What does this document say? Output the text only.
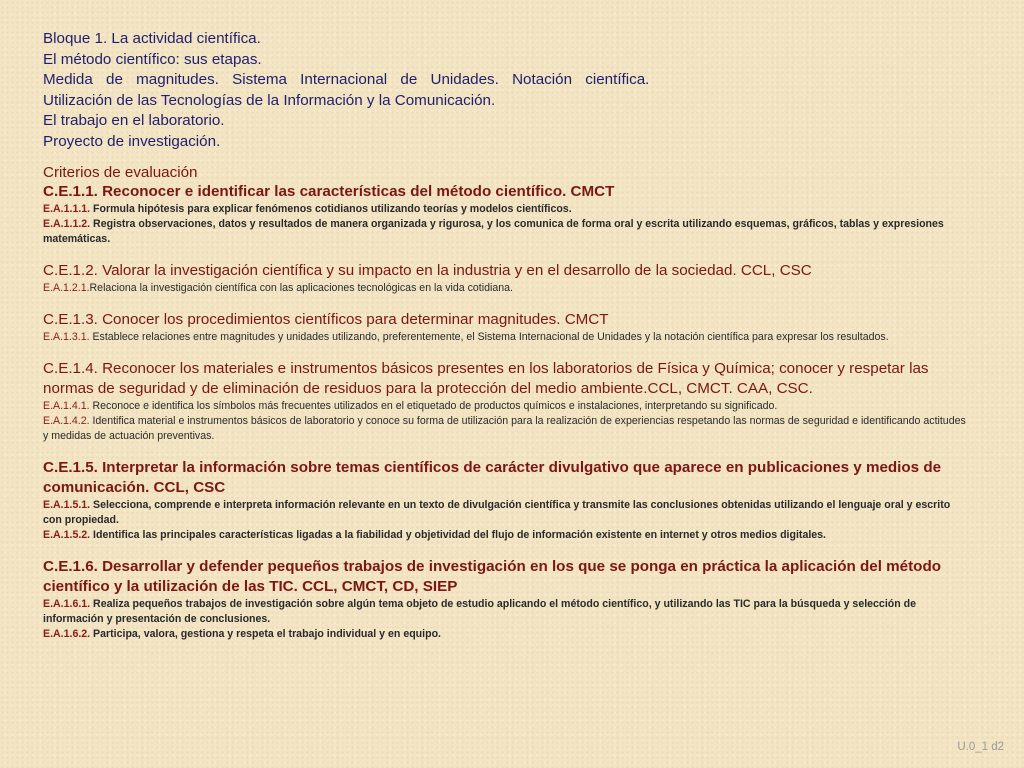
Bloque 1. La actividad científica.
El método científico: sus etapas.
Medida de magnitudes. Sistema Internacional de Unidades. Notación científica.
Utilización de las Tecnologías de la Información y la Comunicación.
El trabajo en el laboratorio.
Proyecto de investigación.
Criterios de evaluación
C.E.1.1. Reconocer e identificar las características del método científico. CMCT
E.A.1.1.1. Formula hipótesis para explicar fenómenos cotidianos utilizando teorías y modelos científicos.
E.A.1.1.2. Registra observaciones, datos y resultados de manera organizada y rigurosa, y los comunica de forma oral y escrita utilizando esquemas, gráficos, tablas y expresiones matemáticas.
C.E.1.2. Valorar la investigación científica y su impacto en la industria y en el desarrollo de la sociedad. CCL, CSC
E.A.1.2.1.Relaciona la investigación científica con las aplicaciones tecnológicas en la vida cotidiana.
C.E.1.3. Conocer los procedimientos científicos para determinar magnitudes. CMCT
E.A.1.3.1. Establece relaciones entre magnitudes y unidades utilizando, preferentemente, el Sistema Internacional de Unidades y la notación científica para expresar los resultados.
C.E.1.4. Reconocer los materiales e instrumentos básicos presentes en los laboratorios de Física y Química; conocer y respetar las normas de seguridad y de eliminación de residuos para la protección del medio ambiente.CCL, CMCT. CAA, CSC.
E.A.1.4.1. Reconoce e identifica los símbolos más frecuentes utilizados en el etiquetado de productos químicos e instalaciones, interpretando su significado.
E.A.1.4.2. Identifica material e instrumentos básicos de laboratorio y conoce su forma de utilización para la realización de experiencias respetando las normas de seguridad e identificando actitudes y medidas de actuación preventivas.
C.E.1.5. Interpretar la información sobre temas científicos de carácter divulgativo que aparece en publicaciones y medios de comunicación. CCL, CSC
E.A.1.5.1. Selecciona, comprende e interpreta información relevante en un texto de divulgación científica y transmite las conclusiones obtenidas utilizando el lenguaje oral y escrito con propiedad.
E.A.1.5.2. Identifica las principales características ligadas a la fiabilidad y objetividad del flujo de información existente en internet y otros medios digitales.
C.E.1.6. Desarrollar y defender pequeños trabajos de investigación en los que se ponga en práctica la aplicación del método científico y la utilización de las TIC. CCL, CMCT, CD, SIEP
E.A.1.6.1. Realiza pequeños trabajos de investigación sobre algún tema objeto de estudio aplicando el método científico, y utilizando las TIC para la búsqueda y selección de información y presentación de conclusiones.
E.A.1.6.2. Participa, valora, gestiona y respeta el trabajo individual y en equipo.
U.0_1 d2
